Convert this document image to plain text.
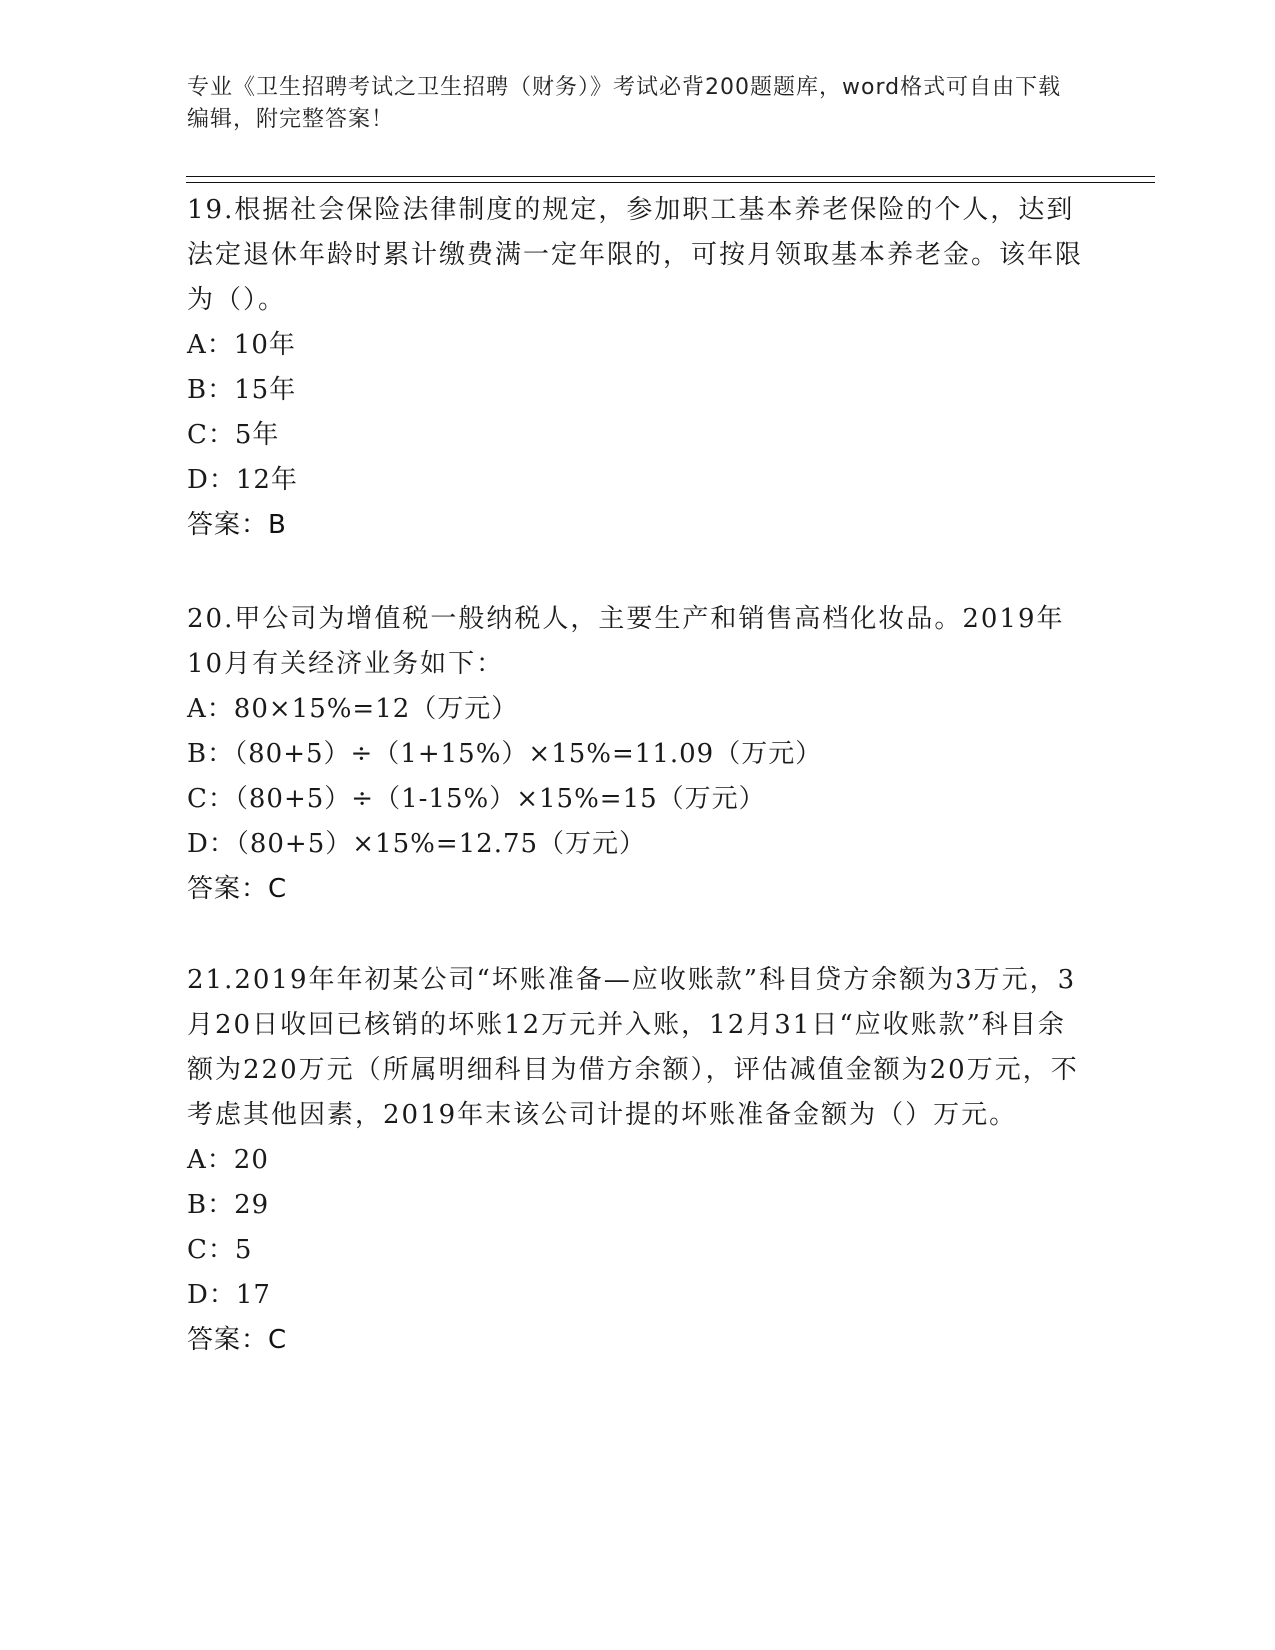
专业《卫生招聘考试之卫生招聘（财务）》考试必背200题题库，word格式可自由下载编辑，附完整答案！

19.根据社会保险法律制度的规定，参加职工基本养老保险的个人，达到法定退休年龄时累计缴费满一定年限的，可按月领取基本养老金。该年限为（）。

A：10年

B：15年

C：5年

D：12年

答案：B

20.甲公司为增值税一般纳税人，主要生产和销售高档化妆品。2019年10月有关经济业务如下：

A：80×15%=12（万元）

B：（80+5）÷（1+15%）×15%=11.09（万元）

C：（80+5）÷（1-15%）×15%=15（万元）

D：（80+5）×15%=12.75（万元）

答案：C

21.2019年年初某公司“坏账准备—应收账款”科目贷方余额为3万元，3月20日收回已核销的坏账12万元并入账，12月31日“应收账款”科目余额为220万元（所属明细科目为借方余额），评估减值金额为20万元，不考虑其他因素，2019年末该公司计提的坏账准备金额为（）万元。

A：20

B：29

C：5

D：17

答案：C
